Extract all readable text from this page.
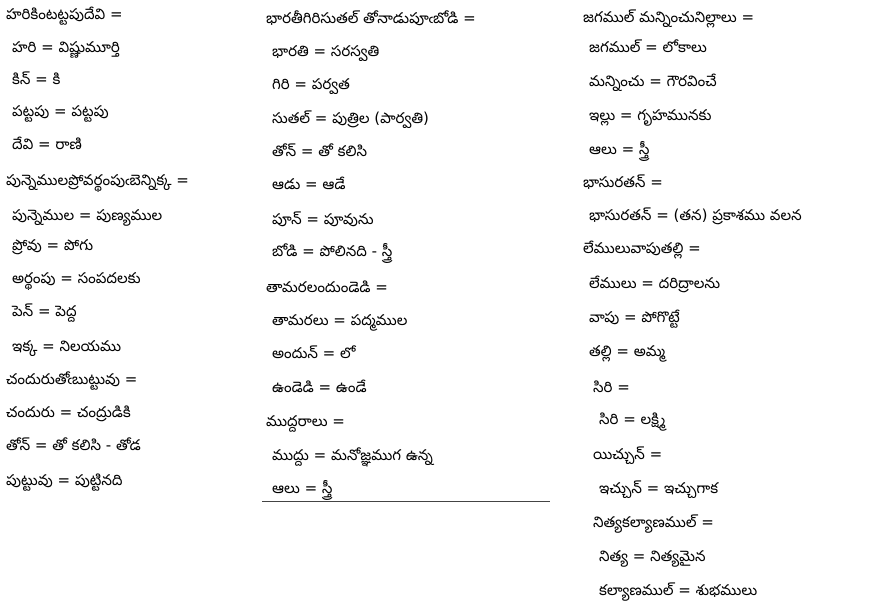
హరికింటట్టపుదేవి =
హరి = విష్ణుమూర్తి
కిన్ = కి
పట్టపు = పట్టపు
దేవి = రాణి
పున్నెములప్రోవర్థంపుఁబెన్నిక్క =
పున్నెముల = పుణ్యముల
ప్రోవు = పోగు
అర్థంపు = సంపదలకు
పెన్ = పెద్ద
ఇక్క = నిలయము
చందురుతోఁబుట్టువు =
చందురు = చంద్రుడికి
తోన్ = తో కలిసి - తోడ
పుట్టువు = పుట్టినది
భారతీగిరిసుతల్ తోనాడుపూఁబోడి =
భారతి = సరస్వతి
గిరి = పర్వత
సుతల్ = పుత్రిల (పార్వతి)
తోన్ = తో కలిసి
ఆడు = ఆడే
పూన్ = పూవును
బోడి = పోలినది - స్త్రీ
తామరలందుండెడి =
తామరలు = పద్మముల
అందున్ = లో
ఉండెడి = ఉండే
ముద్దరాలు =
ముద్దు = మనోజ్ఞముగ ఉన్న
ఆలు = స్త్రీ
జగముల్ మన్నించునిల్లాలు =
జగముల్ = లోకాలు
మన్నించు = గౌరవించే
ఇల్లు = గృహమునకు
ఆలు = స్త్రీ
భాసురతన్ =
భాసురతన్ = (తన) ప్రకాశము వలన
లేములువాపుతల్లి =
లేములు = దరిద్రాలను
వాపు = పోగొట్టే
తల్లి = అమ్మ
సిరి =
సిరి = లక్ష్మి
యిచ్చున్ =
ఇచ్చున్ = ఇచ్చుగాక
నిత్యకల్యాణముల్ =
నిత్య = నిత్యమైన
కల్యాణముల్ = శుభములు
